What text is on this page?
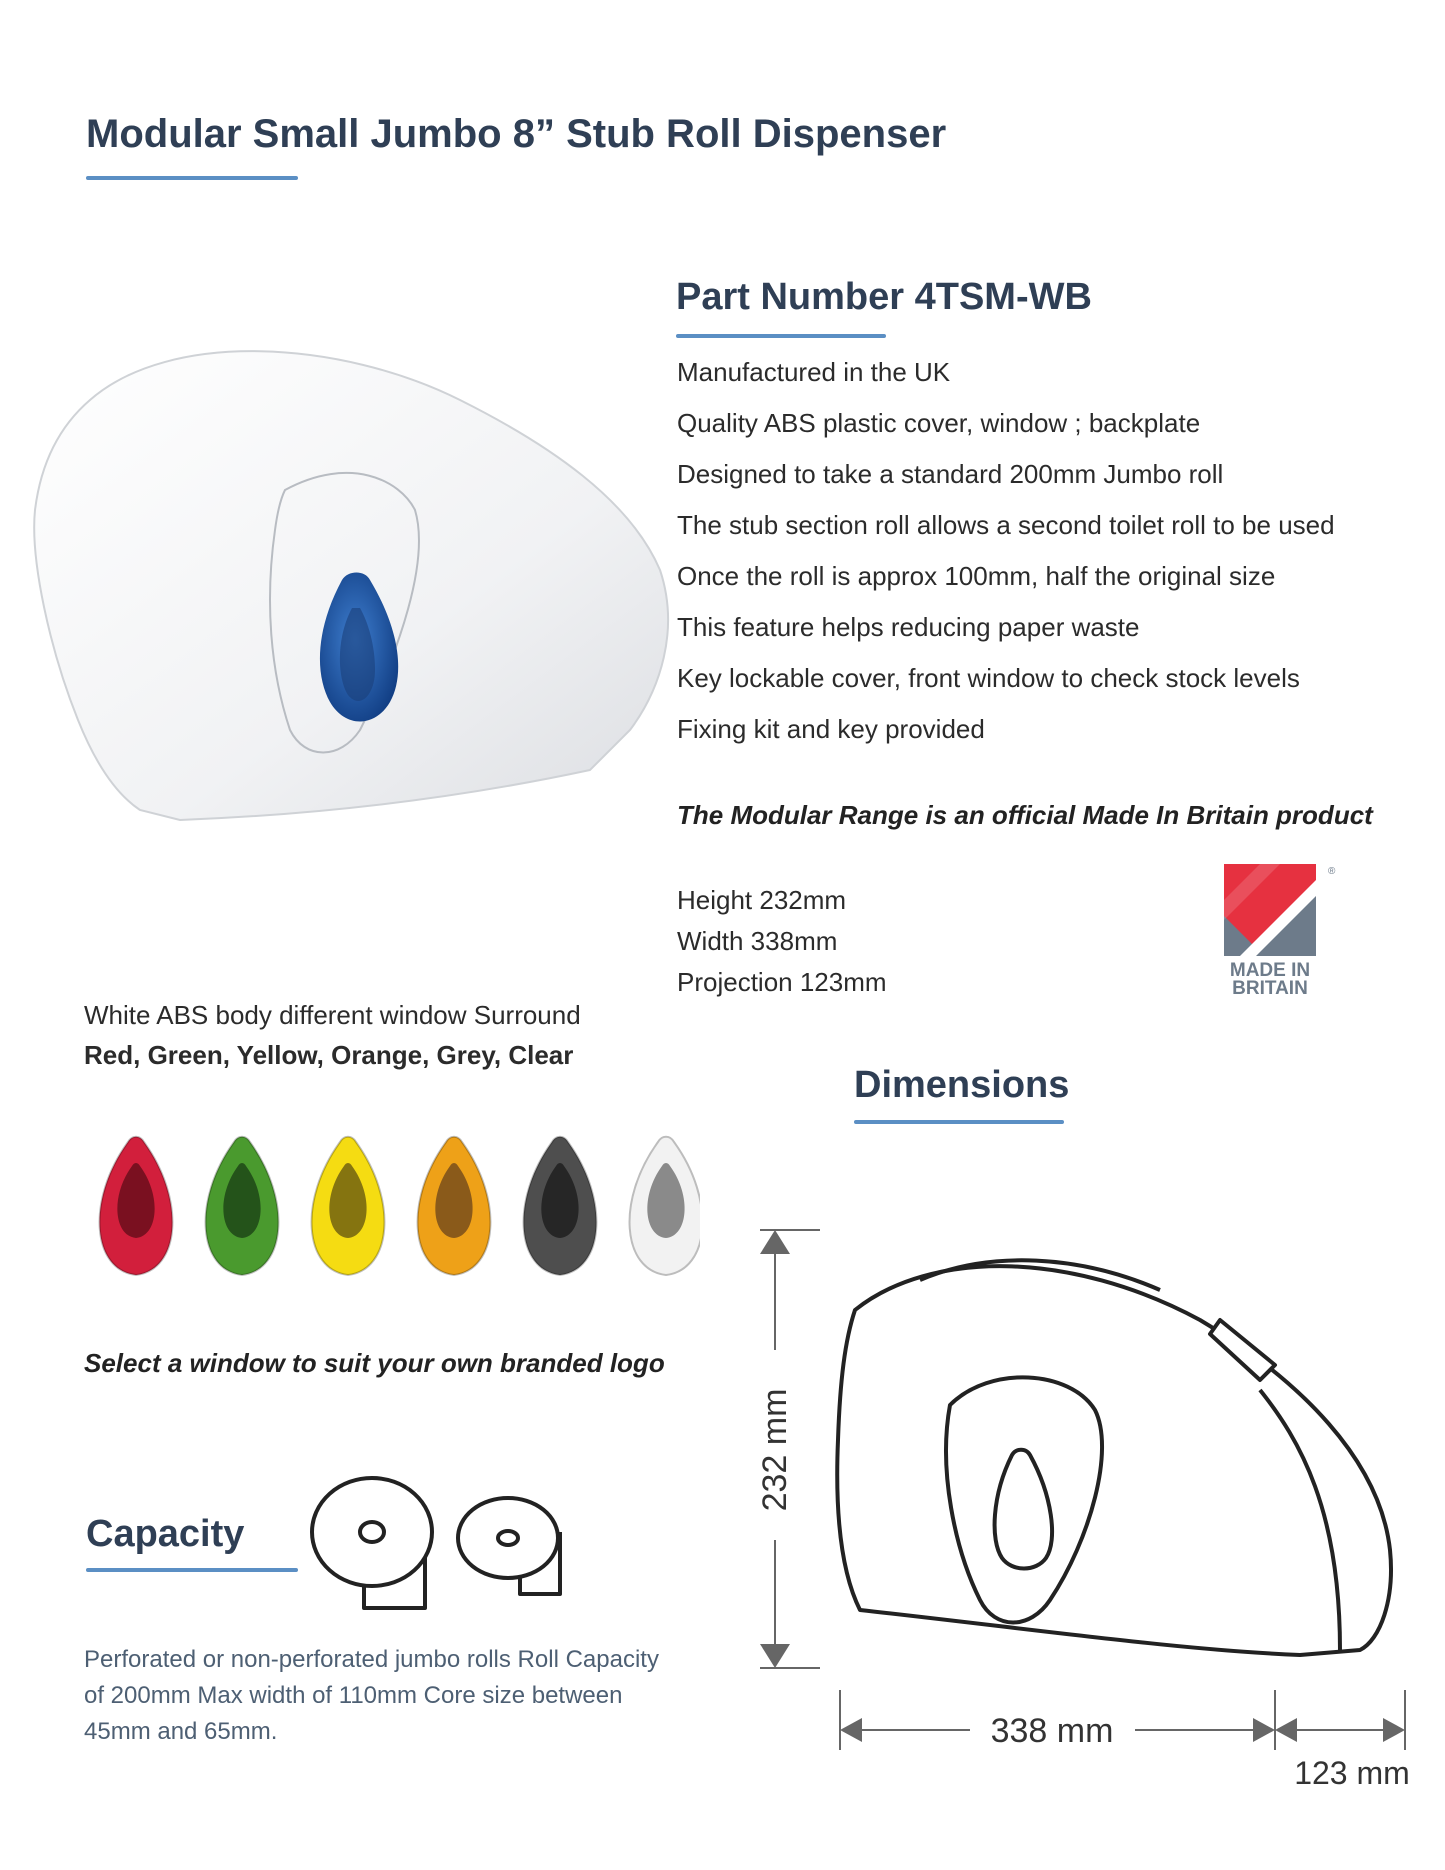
Modular Small Jumbo 8” Stub Roll Dispenser
Part Number 4TSM-WB
Manufactured in the UK
Quality ABS plastic cover, window ; backplate
Designed to take a standard 200mm Jumbo roll
The stub section roll allows a second toilet roll to be used
Once the roll is approx 100mm, half the original size
This feature helps reducing paper waste
Key lockable cover, front window to check stock levels
Fixing kit and key provided
The Modular Range is an official Made In Britain product
Height 232mm
Width 338mm
Projection 123mm
®
MADE IN
BRITAIN
White ABS body different window Surround
Red, Green, Yellow, Orange, Grey, Clear
Select a window to suit your own branded logo
Capacity
Perforated or non-perforated jumbo rolls Roll Capacity of 200mm Max width of 110mm Core size between 45mm and 65mm.
Dimensions
232 mm
338 mm
123 mm
